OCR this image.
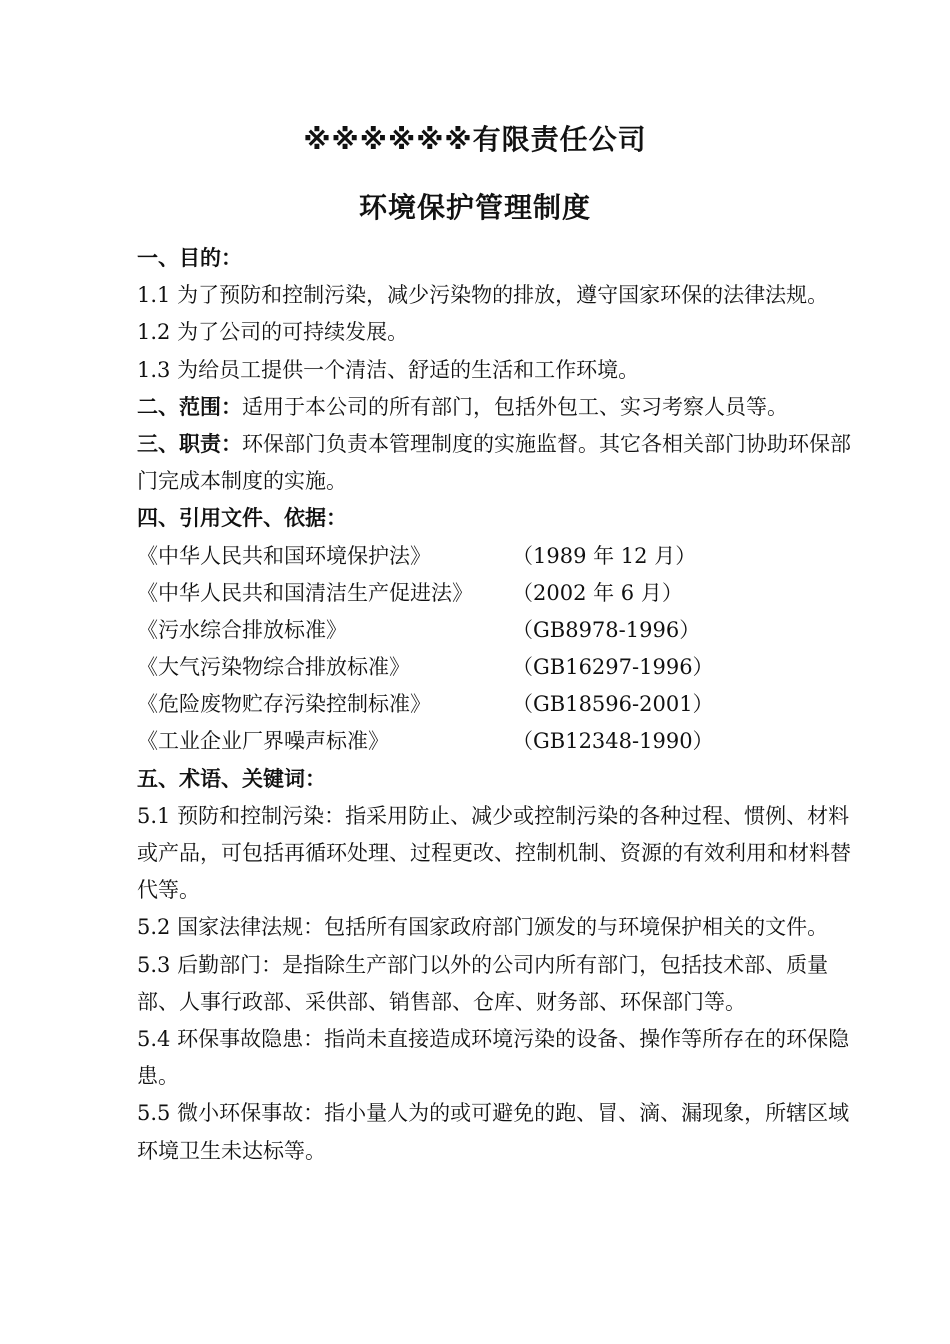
※※※※※※有限责任公司
环境保护管理制度
一、目的：
1.1 为了预防和控制污染，减少污染物的排放，遵守国家环保的法律法规。
1.2 为了公司的可持续发展。
1.3 为给员工提供一个清洁、舒适的生活和工作环境。
二、范围：适用于本公司的所有部门，包括外包工、实习考察人员等。
三、职责：环保部门负责本管理制度的实施监督。其它各相关部门协助环保部门完成本制度的实施。
四、引用文件、依据：
《中华人民共和国环境保护法》	（1989 年 12 月）
《中华人民共和国清洁生产促进法》	（2002 年 6 月）
《污水综合排放标准》	（GB8978-1996）
《大气污染物综合排放标准》	（GB16297-1996）
《危险废物贮存污染控制标准》	（GB18596-2001）
《工业企业厂界噪声标准》	（GB12348-1990）
五、术语、关键词：
5.1 预防和控制污染：指采用防止、减少或控制污染的各种过程、惯例、材料或产品，可包括再循环处理、过程更改、控制机制、资源的有效利用和材料替代等。
5.2 国家法律法规：包括所有国家政府部门颁发的与环境保护相关的文件。
5.3 后勤部门：是指除生产部门以外的公司内所有部门，包括技术部、质量部、人事行政部、采供部、销售部、仓库、财务部、环保部门等。
5.4 环保事故隐患：指尚未直接造成环境污染的设备、操作等所存在的环保隐患。
5.5 微小环保事故：指小量人为的或可避免的跑、冒、滴、漏现象，所辖区域环境卫生未达标等。
